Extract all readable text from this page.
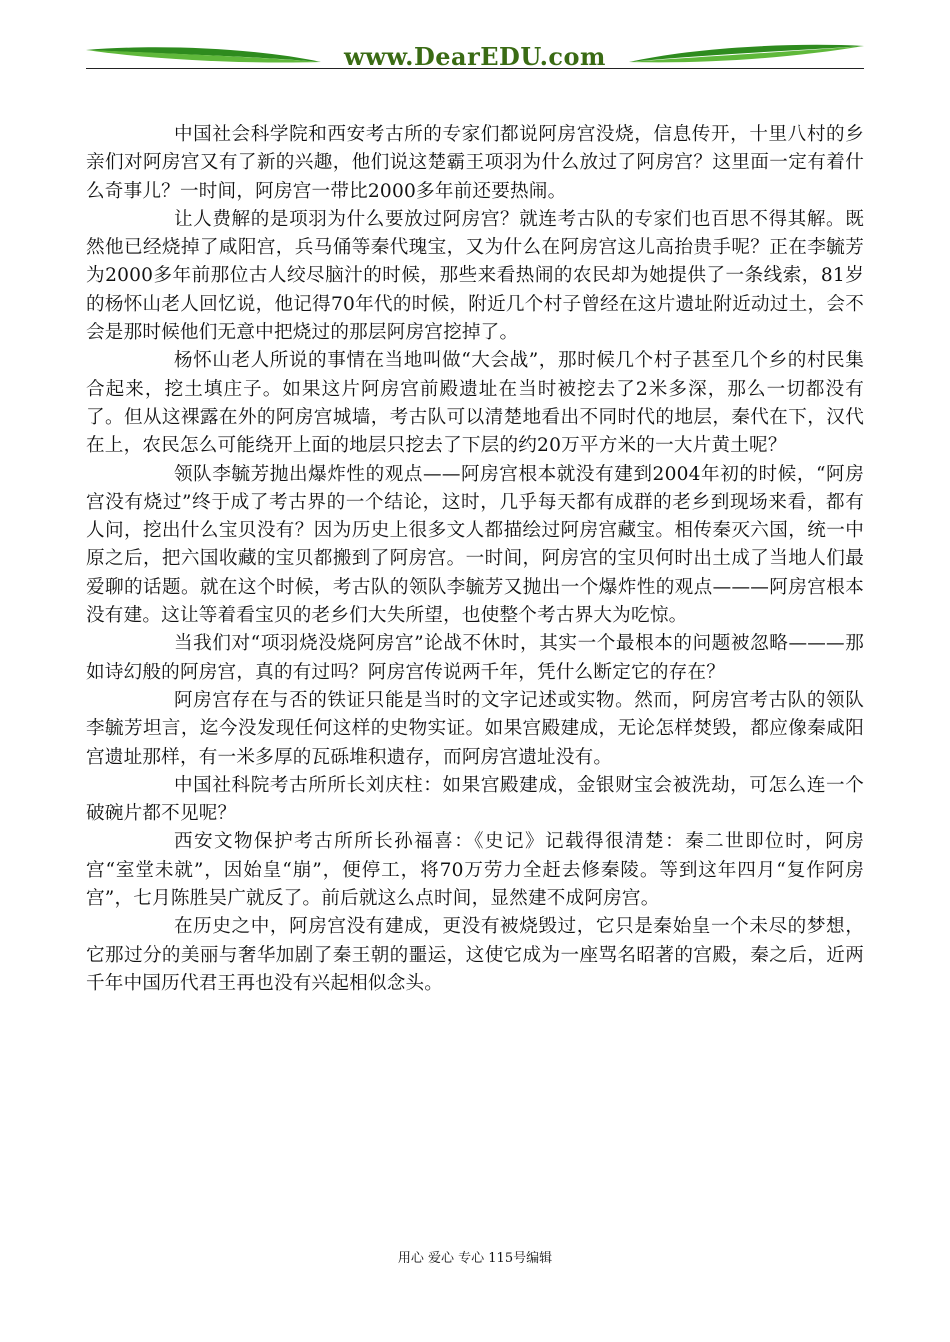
www.DearEDU.com

中国社会科学院和西安考古所的专家们都说阿房宫没烧，信息传开，十里八村的乡亲们对阿房宫又有了新的兴趣，他们说这楚霸王项羽为什么放过了阿房宫？这里面一定有着什么奇事儿？一时间，阿房宫一带比2000多年前还要热闹。

让人费解的是项羽为什么要放过阿房宫？就连考古队的专家们也百思不得其解。既然他已经烧掉了咸阳宫，兵马俑等秦代瑰宝，又为什么在阿房宫这儿高抬贵手呢？正在李毓芳为2000多年前那位古人绞尽脑汁的时候，那些来看热闹的农民却为她提供了一条线索，81岁的杨怀山老人回忆说，他记得70年代的时候，附近几个村子曾经在这片遗址附近动过土，会不会是那时候他们无意中把烧过的那层阿房宫挖掉了。

杨怀山老人所说的事情在当地叫做“大会战”，那时候几个村子甚至几个乡的村民集合起来，挖土填庄子。如果这片阿房宫前殿遗址在当时被挖去了2米多深，那么一切都没有了。但从这裸露在外的阿房宫城墙，考古队可以清楚地看出不同时代的地层，秦代在下，汉代在上，农民怎么可能绕开上面的地层只挖去了下层的约20万平方米的一大片黄土呢？

领队李毓芳抛出爆炸性的观点——阿房宫根本就没有建到2004年初的时候，“阿房宫没有烧过”终于成了考古界的一个结论，这时，几乎每天都有成群的老乡到现场来看，都有人问，挖出什么宝贝没有？因为历史上很多文人都描绘过阿房宫藏宝。相传秦灭六国，统一中原之后，把六国收藏的宝贝都搬到了阿房宫。一时间，阿房宫的宝贝何时出土成了当地人们最爱聊的话题。就在这个时候，考古队的领队李毓芳又抛出一个爆炸性的观点———阿房宫根本没有建。这让等着看宝贝的老乡们大失所望，也使整个考古界大为吃惊。

当我们对“项羽烧没烧阿房宫”论战不休时，其实一个最根本的问题被忽略———那如诗幻般的阿房宫，真的有过吗？阿房宫传说两千年，凭什么断定它的存在？

阿房宫存在与否的铁证只能是当时的文字记述或实物。然而，阿房宫考古队的领队李毓芳坦言，迄今没发现任何这样的史物实证。如果宫殿建成，无论怎样焚毁，都应像秦咸阳宫遗址那样，有一米多厚的瓦砾堆积遗存，而阿房宫遗址没有。

中国社科院考古所所长刘庆柱：如果宫殿建成，金银财宝会被洗劫，可怎么连一个破碗片都不见呢？

西安文物保护考古所所长孙福喜：《史记》记载得很清楚：秦二世即位时，阿房宫“室堂未就”，因始皇“崩”，便停工，将70万劳力全赶去修秦陵。等到这年四月“复作阿房宫”，七月陈胜吴广就反了。前后就这么点时间，显然建不成阿房宫。

在历史之中，阿房宫没有建成，更没有被烧毁过，它只是秦始皇一个未尽的梦想，它那过分的美丽与奢华加剧了秦王朝的噩运，这使它成为一座骂名昭著的宫殿，秦之后，近两千年中国历代君王再也没有兴起相似念头。

用心 爱心 专心 115号编辑
